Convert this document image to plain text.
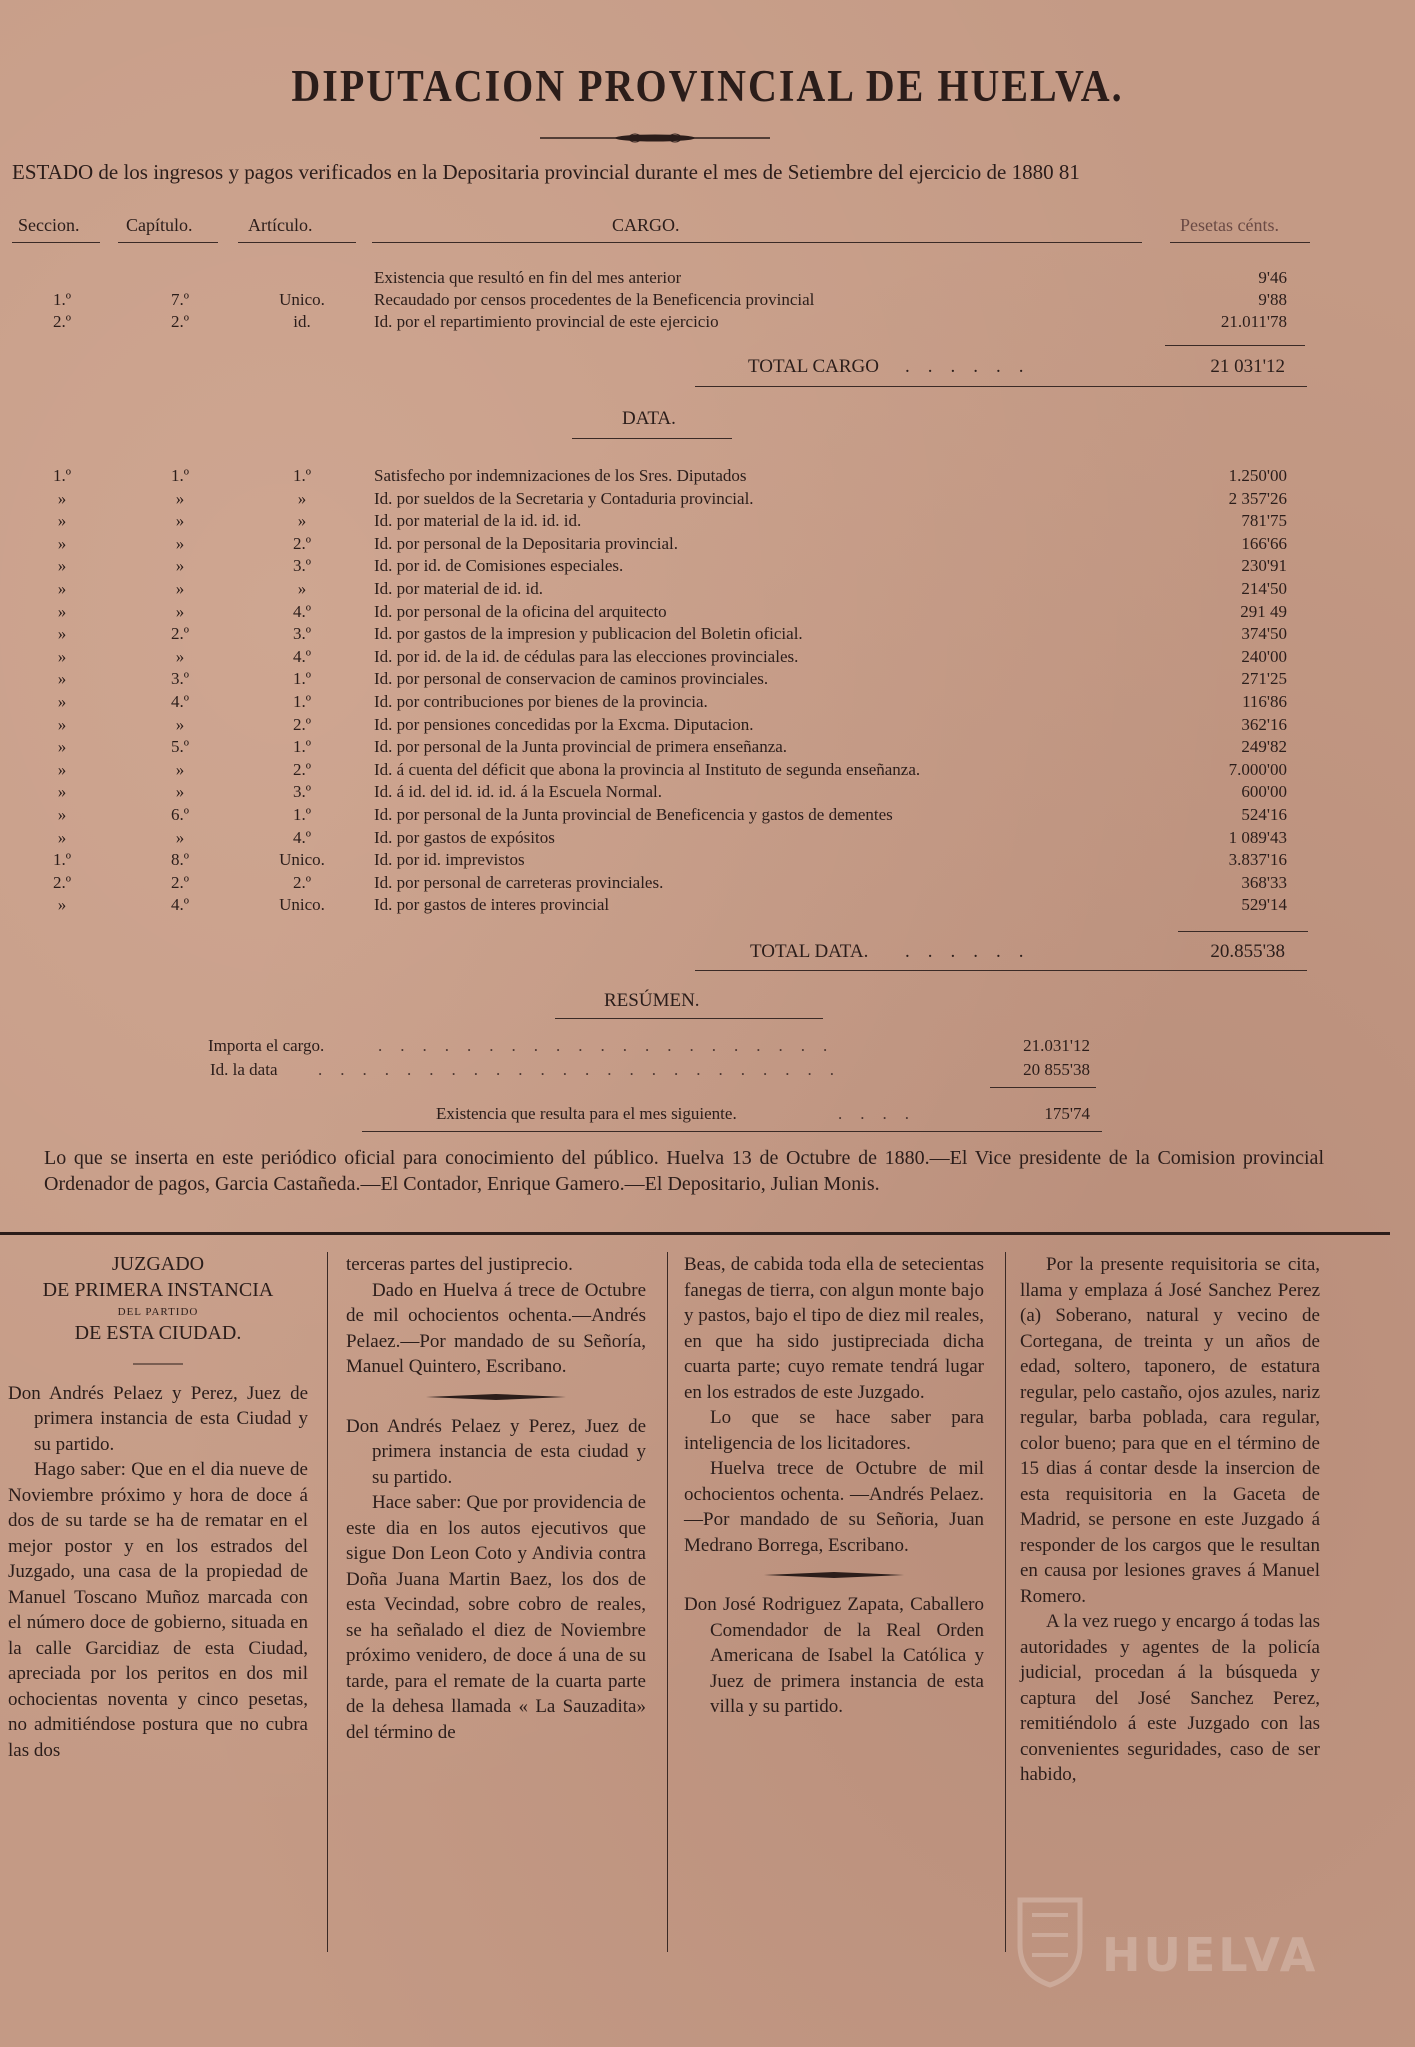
DIPUTACION PROVINCIAL DE HUELVA.
ESTADO de los ingresos y pagos verificados en la Depositaria provincial durante el mes de Setiembre del ejercicio de 1880 81
Seccion.	Capítulo.	Artículo.	CARGO.	Pesetas cénts.
Existencia que resultó en fin del mes anterior	9'46
1.º	7.º	Unico.	Recaudado por censos procedentes de la Beneficencia provincial	9'88
2.º	2.º	id.	Id. por el repartimiento provincial de este ejercicio	21.011'78
TOTAL CARGO ......	21 031'12
DATA.
1.º	1.º	1.º	Satisfecho por indemnizaciones de los Sres. Diputados	1.250'00
»	»	»	Id. por sueldos de la Secretaria y Contaduria provincial.	2 357'26
»	»	»	Id. por material de la id. id. id.	781'75
»	»	2.º	Id. por personal de la Depositaria provincial.	166'66
»	»	3.º	Id. por id. de Comisiones especiales.	230'91
»	»	»	Id. por material de id. id.	214'50
»	»	4.º	Id. por personal de la oficina del arquitecto	291 49
»	2.º	3.º	Id. por gastos de la impresion y publicacion del Boletin oficial.	374'50
»	»	4.º	Id. por id. de la id. de cédulas para las elecciones provinciales.	240'00
»	3.º	1.º	Id. por personal de conservacion de caminos provinciales.	271'25
»	4.º	1.º	Id. por contribuciones por bienes de la provincia.	116'86
»	»	2.º	Id. por pensiones concedidas por la Excma. Diputacion.	362'16
»	5.º	1.º	Id. por personal de la Junta provincial de primera enseñanza.	249'82
»	»	2.º	Id. á cuenta del déficit que abona la provincia al Instituto de segunda enseñanza.	7.000'00
»	»	3.º	Id. á id. del id. id. id. á la Escuela Normal.	600'00
»	6.º	1.º	Id. por personal de la Junta provincial de Beneficencia y gastos de dementes	524'16
»	»	4.º	Id. por gastos de expósitos	1 089'43
1.º	8.º	Unico.	Id. por id. imprevistos	3.837'16
2.º	2.º	2.º	Id. por personal de carreteras provinciales.	368'33
»	4.º	Unico.	Id. por gastos de interes provincial	529'14
TOTAL DATA. ......	20.855'38
RESÚMEN.
Importa el cargo.	.....................	21.031'12
Id. la data ........................	20 855'38
Existencia que resulta para el mes siguiente.	....	175'74
Lo que se inserta en este periódico oficial para conocimiento del público. Huelva 13 de Octubre de 1880.—El Vice presidente de la Comision provincial Ordenador de pagos, Garcia Castañeda.—El Contador, Enrique Gamero.—El Depositario, Julian Monis.

JUZGADO

DE PRIMERA INSTANCIA

DEL PARTIDO

DE ESTA CIUDAD.

Don Andrés Pelaez y Perez, Juez de primera instancia de esta Ciudad y su partido.

Hago saber: Que en el dia nueve de Noviembre próximo y hora de doce á dos de su tarde se ha de rematar en el mejor postor y en los estrados del Juzgado, una casa de la propiedad de Manuel Toscano Muñoz marcada con el número doce de gobierno, situada en la calle Garcidiaz de esta Ciudad, apreciada por los peritos en dos mil ochocientas noventa y cinco pesetas, no admitiéndose postura que no cubra las dos

terceras partes del justiprecio.

Dado en Huelva á trece de Octubre de mil ochocientos ochenta.—Andrés Pelaez.—Por mandado de su Señoría, Manuel Quintero, Escribano.

Don Andrés Pelaez y Perez, Juez de primera instancia de esta ciudad y su partido.

Hace saber: Que por providencia de este dia en los autos ejecutivos que sigue Don Leon Coto y Andivia contra Doña Juana Martin Baez, los dos de esta Vecindad, sobre cobro de reales, se ha señalado el diez de Noviembre próximo venidero, de doce á una de su tarde, para el remate de la cuarta parte de la dehesa llamada « La Sauzadita» del término de

Beas, de cabida toda ella de setecientas fanegas de tierra, con algun monte bajo y pastos, bajo el tipo de diez mil reales, en que ha sido justipreciada dicha cuarta parte; cuyo remate tendrá lugar en los estrados de este Juzgado.

Lo que se hace saber para inteligencia de los licitadores.

Huelva trece de Octubre de mil ochocientos ochenta. —Andrés Pelaez.—Por mandado de su Señoria, Juan Medrano Borrega, Escribano.

Don José Rodriguez Zapata, Caballero Comendador de la Real Orden Americana de Isabel la Católica y Juez de primera instancia de esta villa y su partido.

Por la presente requisitoria se cita, llama y emplaza á José Sanchez Perez (a) Soberano, natural y vecino de Cortegana, de treinta y un años de edad, soltero, taponero, de estatura regular, pelo castaño, ojos azules, nariz regular, barba poblada, cara regular, color bueno; para que en el término de 15 dias á contar desde la insercion de esta requisitoria en la Gaceta de Madrid, se persone en este Juzgado á responder de los cargos que le resultan en causa por lesiones graves á Manuel Romero.

A la vez ruego y encargo á todas las autoridades y agentes de la policía judicial, procedan á la búsqueda y captura del José Sanchez Perez, remitiéndolo á este Juzgado con las convenientes seguridades, caso de ser habido,

HUELVA
